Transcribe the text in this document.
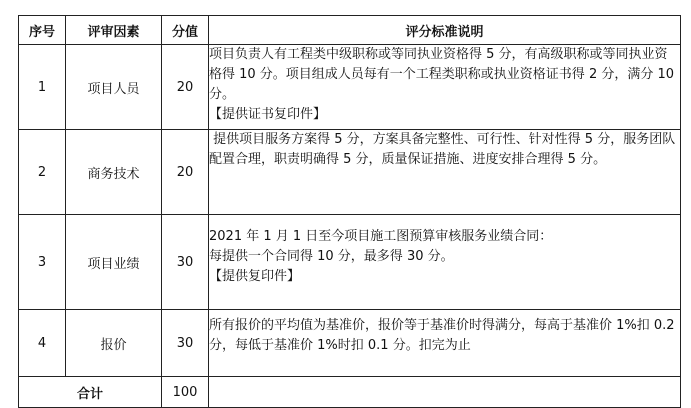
序号	评审因素	分值	评分标准说明
1	项目人员	20	项目负责人有工程类中级职称或等同执业资格得 5 分，有高级职称或等同执业资格得 10 分。项目组成人员每有一个工程类职称或执业资格证书得 2 分，满分 10 分。

【提供证书复印件】

2	商务技术	20	提供项目服务方案得 5 分，方案具备完整性、可行性、针对性得 5 分，服务团队配置合理，职责明确得 5 分，质量保证措施、进度安排合理得 5 分。

3	项目业绩	30	2021 年 1 月 1 日至今项目施工图预算审核服务业绩合同：

每提供一个合同得 10 分，最多得 30 分。

【提供复印件】

4	报价	30	所有报价的平均值为基准价，报价等于基准价时得满分，每高于基准价 1%扣 0.2 分，每低于基准价 1%时扣 0.1 分。扣完为止

合计		100	
